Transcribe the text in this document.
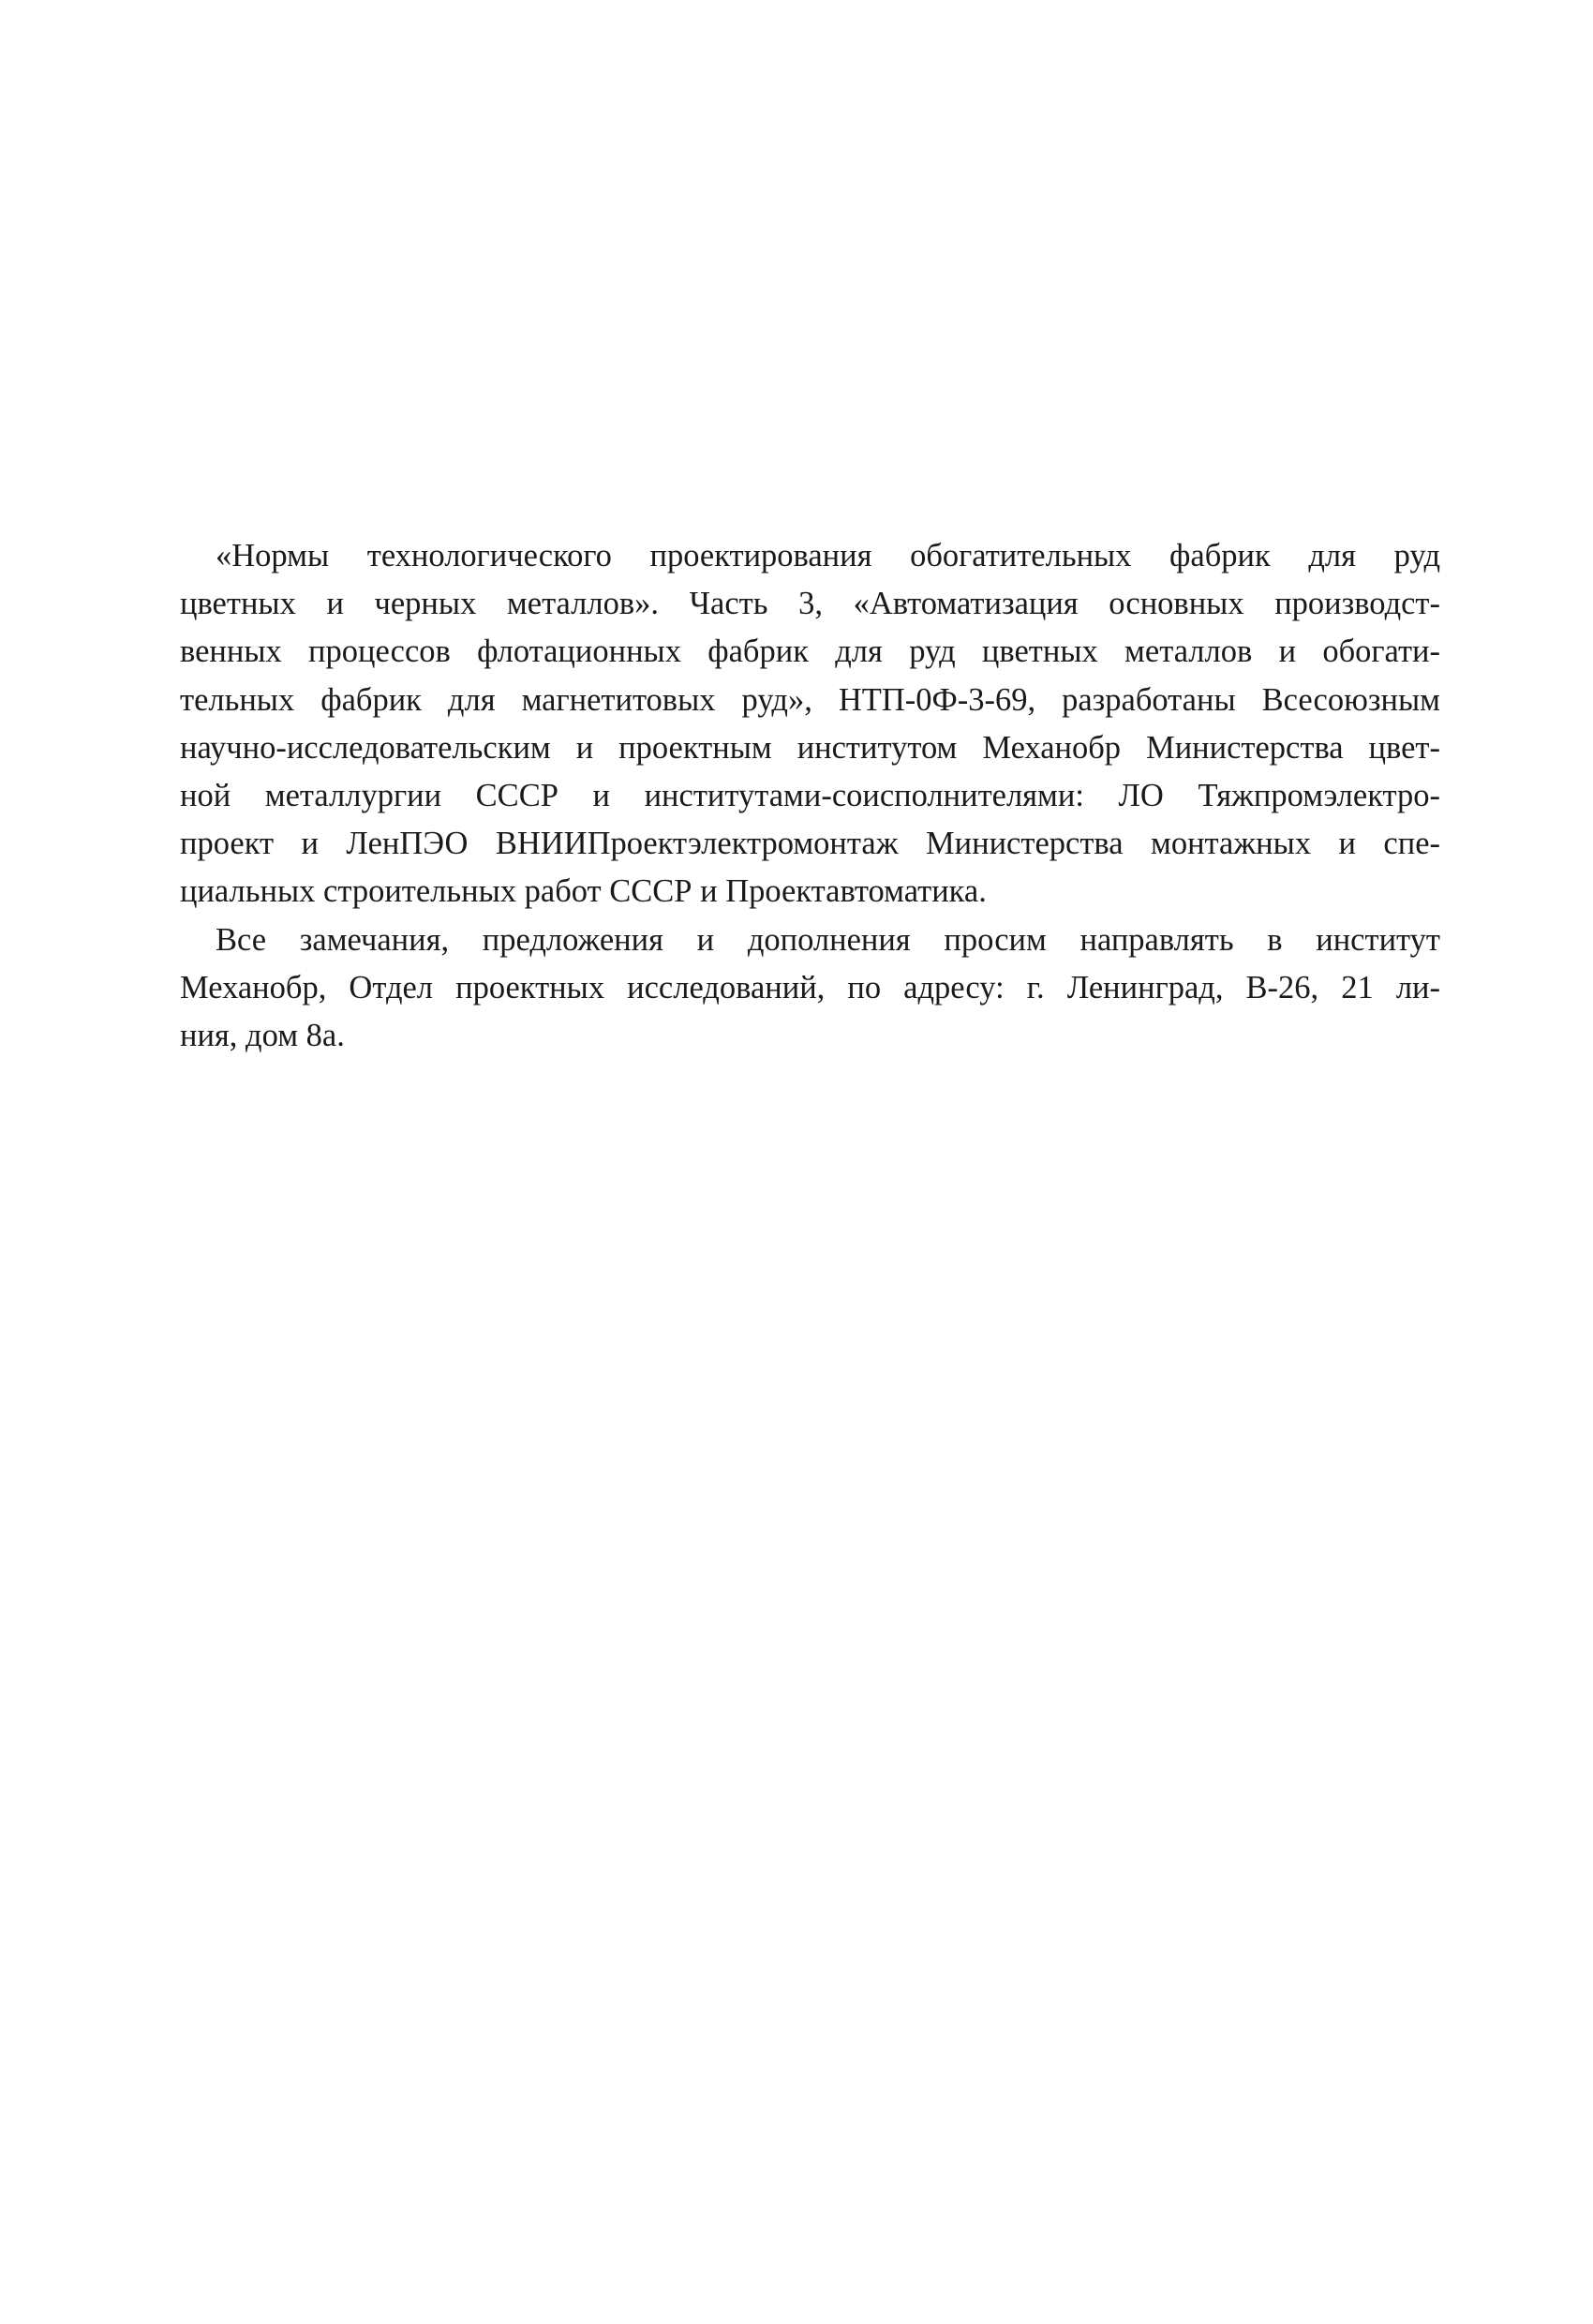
«Нормы технологического проектирования обогатительных фабрик для руд
цветных и черных металлов». Часть 3, «Автоматизация основных производст-
венных процессов флотационных фабрик для руд цветных металлов и обогати-
тельных фабрик для магнетитовых руд», НТП-0Ф-3-69, разработаны Всесоюзным
научно-исследовательским и проектным институтом Механобр Министерства цвет-
ной металлургии СССР и институтами-соисполнителями: ЛО Тяжпромэлектро-
проект и ЛенПЭО ВНИИПроектэлектромонтаж Министерства монтажных и спе-
циальных строительных работ СССР и Проектавтоматика.
Все замечания, предложения и дополнения просим направлять в институт
Механобр, Отдел проектных исследований, по адресу: г. Ленинград, В-26, 21 ли-
ния, дом 8а.
